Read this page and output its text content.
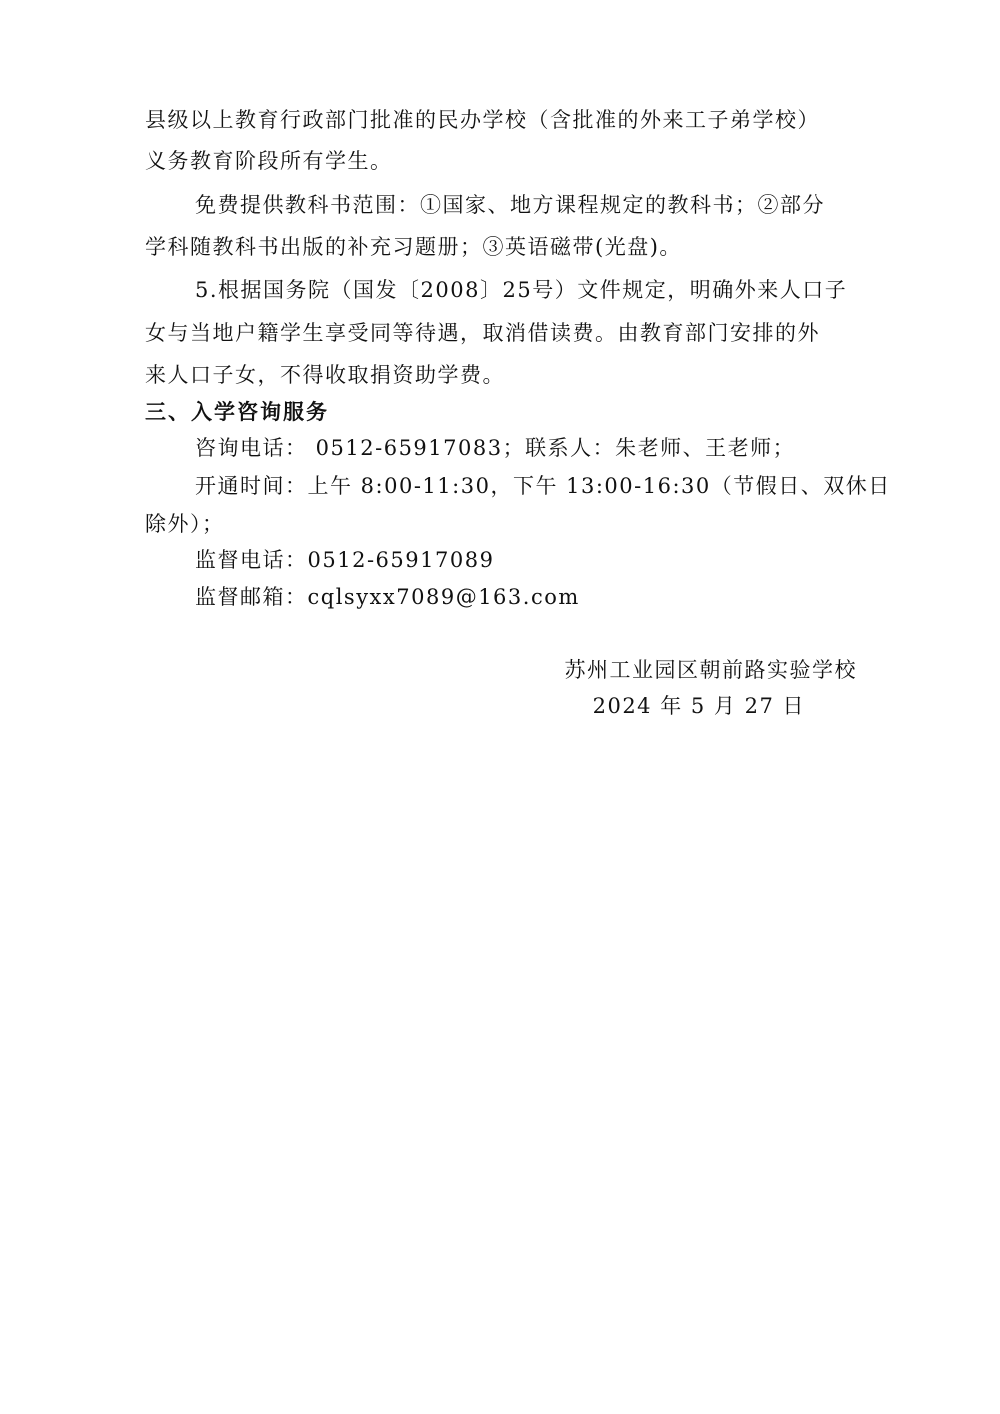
县级以上教育行政部门批准的民办学校（含批准的外来工子弟学校）
义务教育阶段所有学生。
免费提供教科书范围：①国家、地方课程规定的教科书；②部分
学科随教科书出版的补充习题册；③英语磁带(光盘)。
5.根据国务院（国发〔2008〕25号）文件规定，明确外来人口子
女与当地户籍学生享受同等待遇，取消借读费。由教育部门安排的外
来人口子女，不得收取捐资助学费。
三、入学咨询服务
咨询电话： 0512-65917083；联系人：朱老师、王老师；
开通时间：上午 8:00-11:30，下午 13:00-16:30（节假日、双休日
除外）；
监督电话：0512-65917089
监督邮箱：cqlsyxx7089@163.com
苏州工业园区朝前路实验学校
2024 年 5 月 27 日
